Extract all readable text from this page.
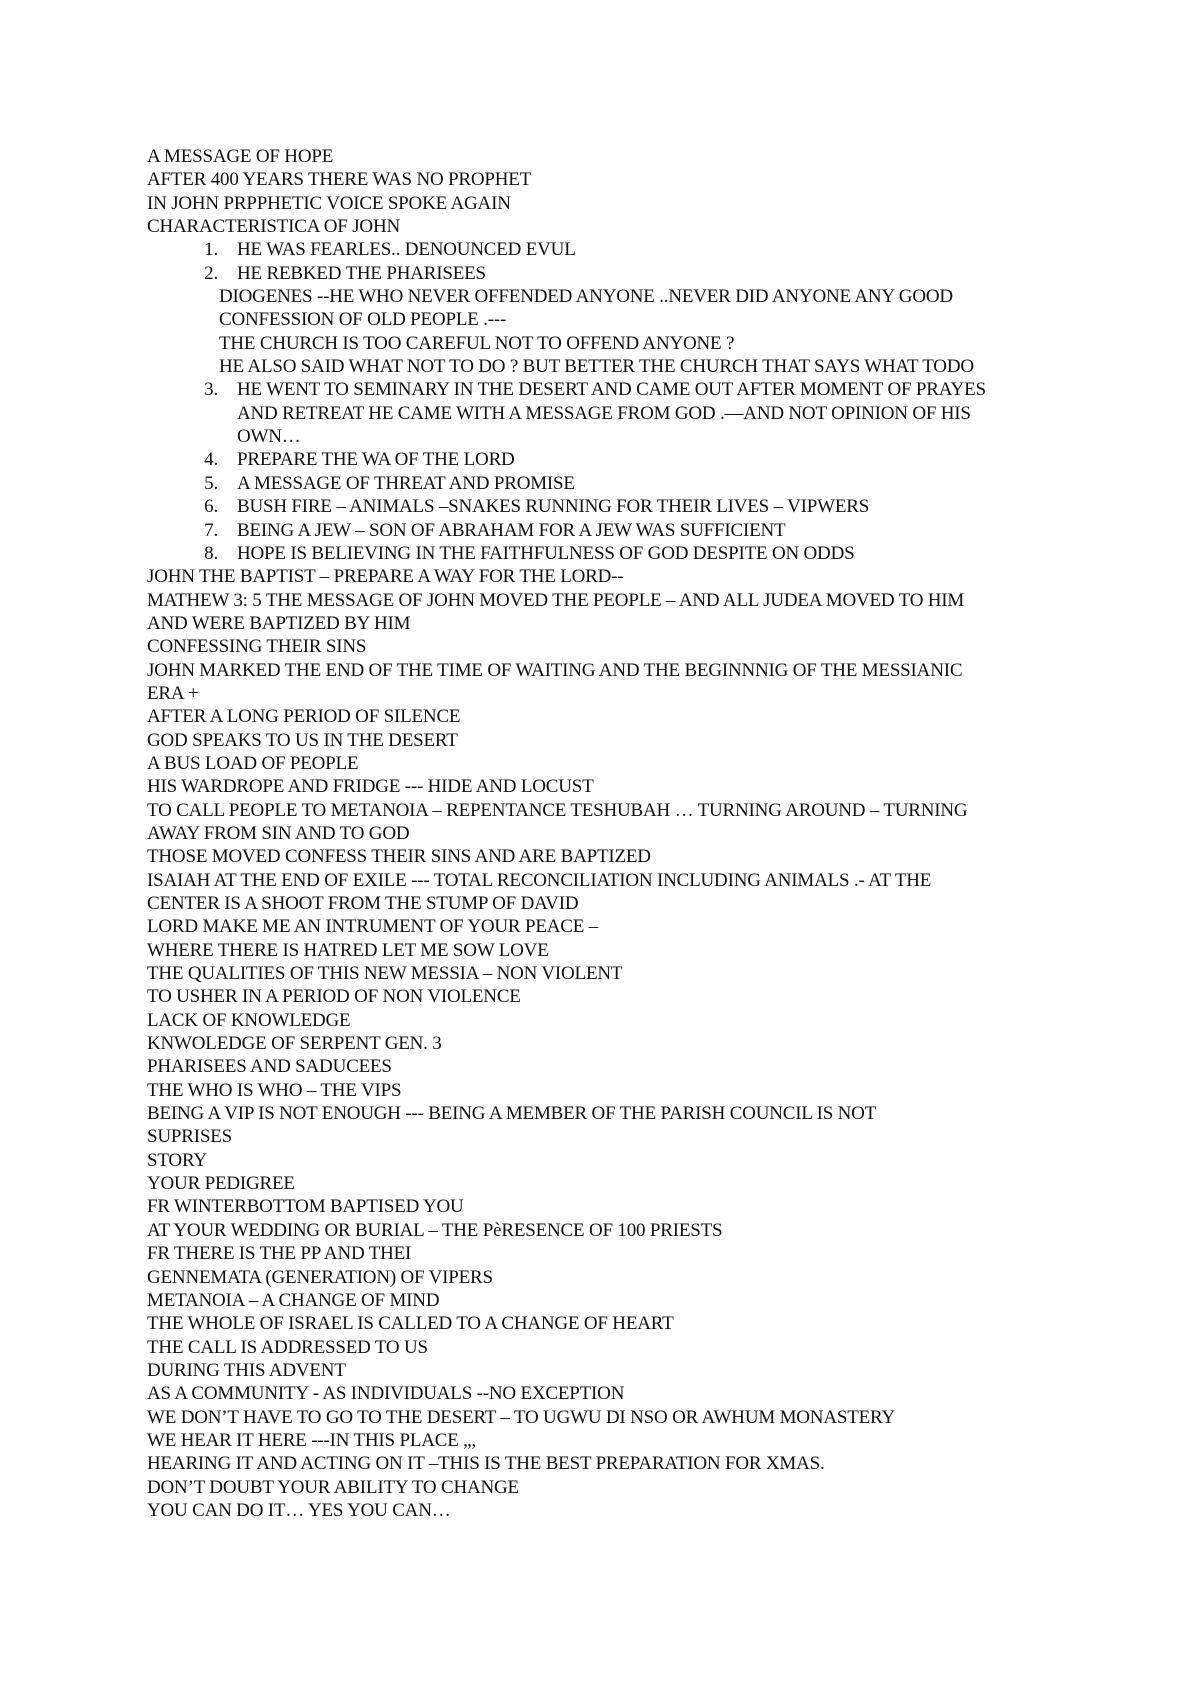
A MESSAGE OF HOPE
AFTER 400 YEARS THERE WAS NO PROPHET
IN JOHN PRPPHETIC VOICE SPOKE AGAIN
CHARACTERISTICA OF JOHN
1.	HE WAS FEARLES.. DENOUNCED EVUL
2.	HE REBKED THE PHARISEES
DIOGENES --HE WHO NEVER OFFENDED ANYONE ..NEVER DID ANYONE ANY GOOD
CONFESSION OF OLD PEOPLE .---
THE CHURCH IS TOO CAREFUL NOT TO OFFEND ANYONE ?
HE ALSO SAID WHAT NOT TO DO ? BUT BETTER THE CHURCH THAT SAYS WHAT TODO
3. HE WENT TO SEMINARY IN THE DESERT AND CAME OUT AFTER MOMENT OF PRAYES
AND RETREAT HE CAME WITH A MESSAGE FROM GOD .—AND NOT OPINION OF HIS
OWN…
4.	PREPARE THE WA OF THE LORD
5.	A MESSAGE OF THREAT AND PROMISE
6.	BUSH FIRE – ANIMALS –SNAKES RUNNING FOR THEIR LIVES – VIPWERS
7.	BEING A JEW – SON OF ABRAHAM FOR A JEW WAS SUFFICIENT
8.	HOPE IS BELIEVING IN THE FAITHFULNESS OF GOD DESPITE ON ODDS
JOHN THE BAPTIST – PREPARE A WAY FOR THE LORD--
MATHEW 3: 5 THE MESSAGE OF JOHN MOVED THE PEOPLE – AND ALL JUDEA MOVED TO HIM
AND WERE BAPTIZED BY HIM
CONFESSING THEIR SINS
JOHN MARKED THE END OF THE TIME OF WAITING AND THE BEGINNNIG OF THE MESSIANIC
ERA +
AFTER A LONG PERIOD OF SILENCE
GOD SPEAKS TO US IN THE DESERT
A BUS LOAD OF PEOPLE
HIS WARDROPE AND FRIDGE --- HIDE AND LOCUST
TO CALL PEOPLE TO METANOIA – REPENTANCE TESHUBAH … TURNING AROUND – TURNING
AWAY FROM SIN AND TO GOD
THOSE MOVED CONFESS THEIR SINS AND ARE BAPTIZED
ISAIAH AT THE END OF EXILE --- TOTAL RECONCILIATION INCLUDING ANIMALS .- AT THE
CENTER IS A SHOOT FROM THE STUMP OF DAVID
LORD MAKE ME AN INTRUMENT OF YOUR PEACE –
WHERE THERE IS HATRED LET ME SOW LOVE
THE QUALITIES OF THIS NEW MESSIA – NON VIOLENT
TO USHER IN A PERIOD OF NON VIOLENCE
LACK OF KNOWLEDGE
KNWOLEDGE OF SERPENT GEN. 3
PHARISEES AND SADUCEES
THE WHO IS WHO – THE VIPS
BEING A VIP IS NOT ENOUGH --- BEING A MEMBER OF THE PARISH COUNCIL IS NOT
SUPRISES
STORY
YOUR PEDIGREE
FR WINTERBOTTOM BAPTISED YOU
AT YOUR WEDDING OR BURIAL – THE PèRESENCE OF 100 PRIESTS
FR THERE IS THE PP AND THEI
GENNEMATA (GENERATION) OF VIPERS
METANOIA – A CHANGE OF MIND
THE WHOLE OF ISRAEL IS CALLED TO A CHANGE OF HEART
THE CALL IS ADDRESSED TO US
DURING THIS ADVENT
AS A COMMUNITY - AS INDIVIDUALS --NO EXCEPTION
WE DON’T HAVE TO GO TO THE DESERT – TO UGWU DI NSO OR AWHUM MONASTERY
WE HEAR IT HERE ---IN THIS PLACE „,
HEARING IT AND ACTING ON IT –THIS IS THE BEST PREPARATION FOR XMAS.
DON’T DOUBT YOUR ABILITY TO CHANGE
YOU CAN DO IT… YES YOU CAN…
